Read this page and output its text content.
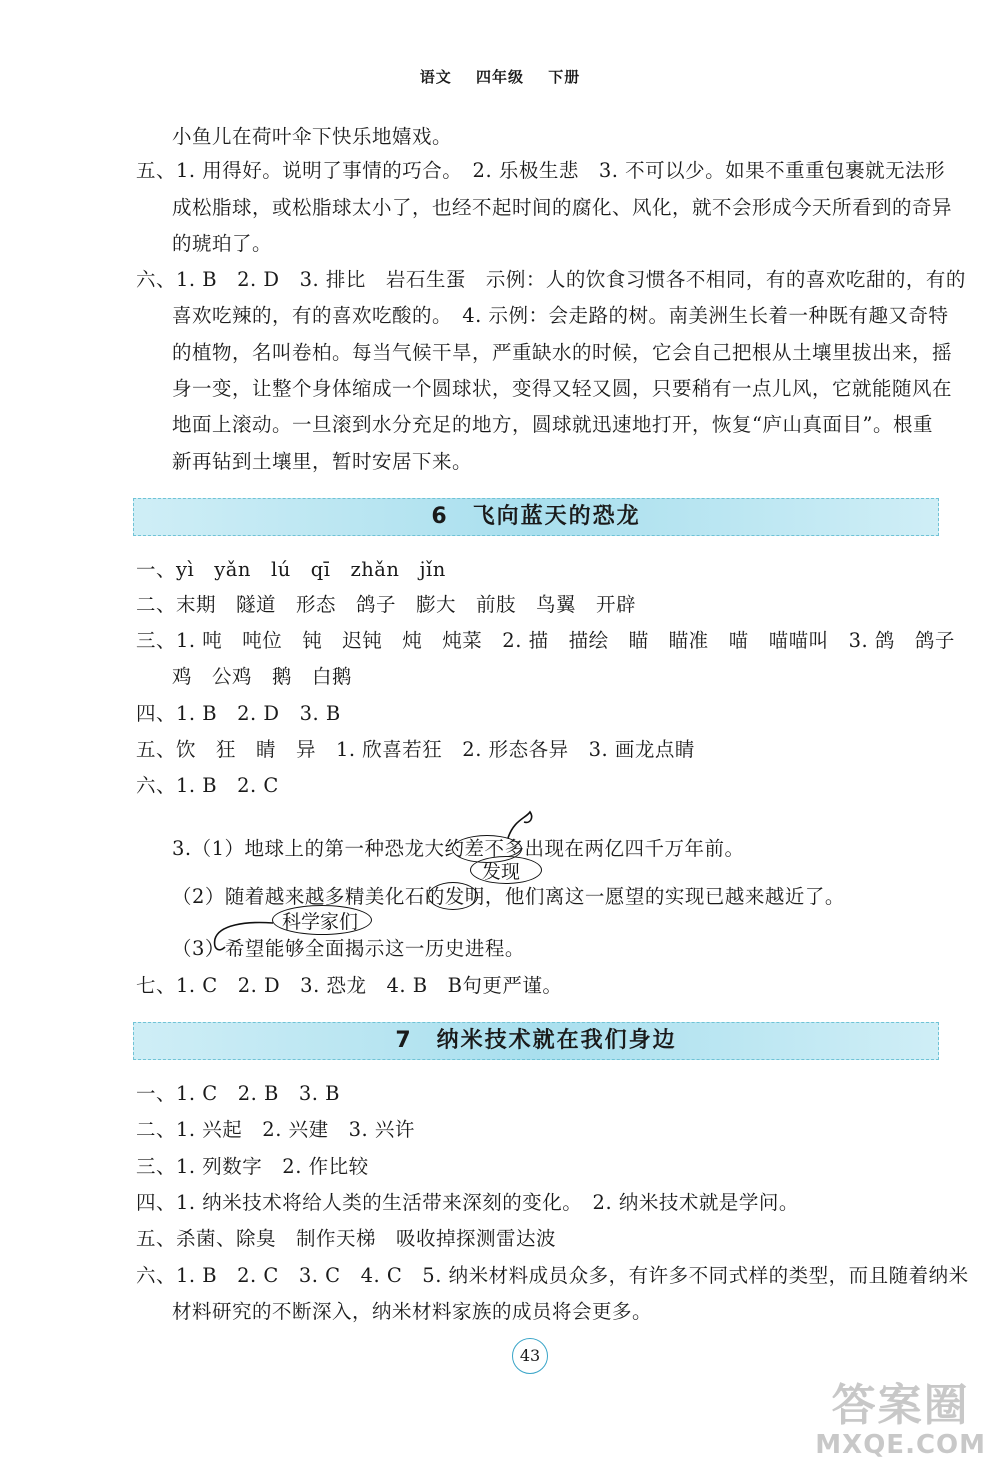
语文 四年级 下册
小鱼儿在荷叶伞下快乐地嬉戏。
五、1. 用得好。说明了事情的巧合。　2. 乐极生悲　3. 不可以少。如果不重重包裹就无法形
成松脂球，或松脂球太小了，也经不起时间的腐化、风化，就不会形成今天所看到的奇异
的琥珀了。
六、1. B　2. D　3. 排比　岩石生蛋　示例：人的饮食习惯各不相同，有的喜欢吃甜的，有的
喜欢吃辣的，有的喜欢吃酸的。　4. 示例：会走路的树。南美洲生长着一种既有趣又奇特
的植物，名叫卷柏。每当气候干旱，严重缺水的时候，它会自己把根从土壤里拔出来，摇
身一变，让整个身体缩成一个圆球状，变得又轻又圆，只要稍有一点儿风，它就能随风在
地面上滚动。一旦滚到水分充足的地方，圆球就迅速地打开，恢复“庐山真面目”。根重
新再钻到土壤里，暂时安居下来。
6 飞向蓝天的恐龙
一、yì　yǎn　lú　qī　zhǎn　jǐn
二、末期　隧道　形态　鸽子　膨大　前肢　鸟翼　开辟
三、1. 吨　吨位　钝　迟钝　炖　炖菜　2. 描　描绘　瞄　瞄准　喵　喵喵叫　3. 鸽　鸽子
鸡　公鸡　鹅　白鹅
四、1. B　2. D　3. B
五、饮　狂　睛　异　1. 欣喜若狂　2. 形态各异　3. 画龙点睛
六、1. B　2. C
3.（1）地球上的第一种恐龙大约差不多出现在两亿四千万年前。
（2）随着越来越多精美化石的发明，他们离这一愿望的实现已越来越近了。
（3）希望能够全面揭示这一历史进程。
发现
科学家们
七、1. C　2. D　3. 恐龙　4. B　B句更严谨。
7 纳米技术就在我们身边
一、1. C　2. B　3. B
二、1. 兴起　2. 兴建　3. 兴许
三、1. 列数字　2. 作比较
四、1. 纳米技术将给人类的生活带来深刻的变化。　2. 纳米技术就是学问。
五、杀菌、除臭　制作天梯　吸收掉探测雷达波
六、1. B　2. C　3. C　4. C　5. 纳米材料成员众多，有许多不同式样的类型，而且随着纳米
材料研究的不断深入，纳米材料家族的成员将会更多。
43
答案圈
MXQE.COM
